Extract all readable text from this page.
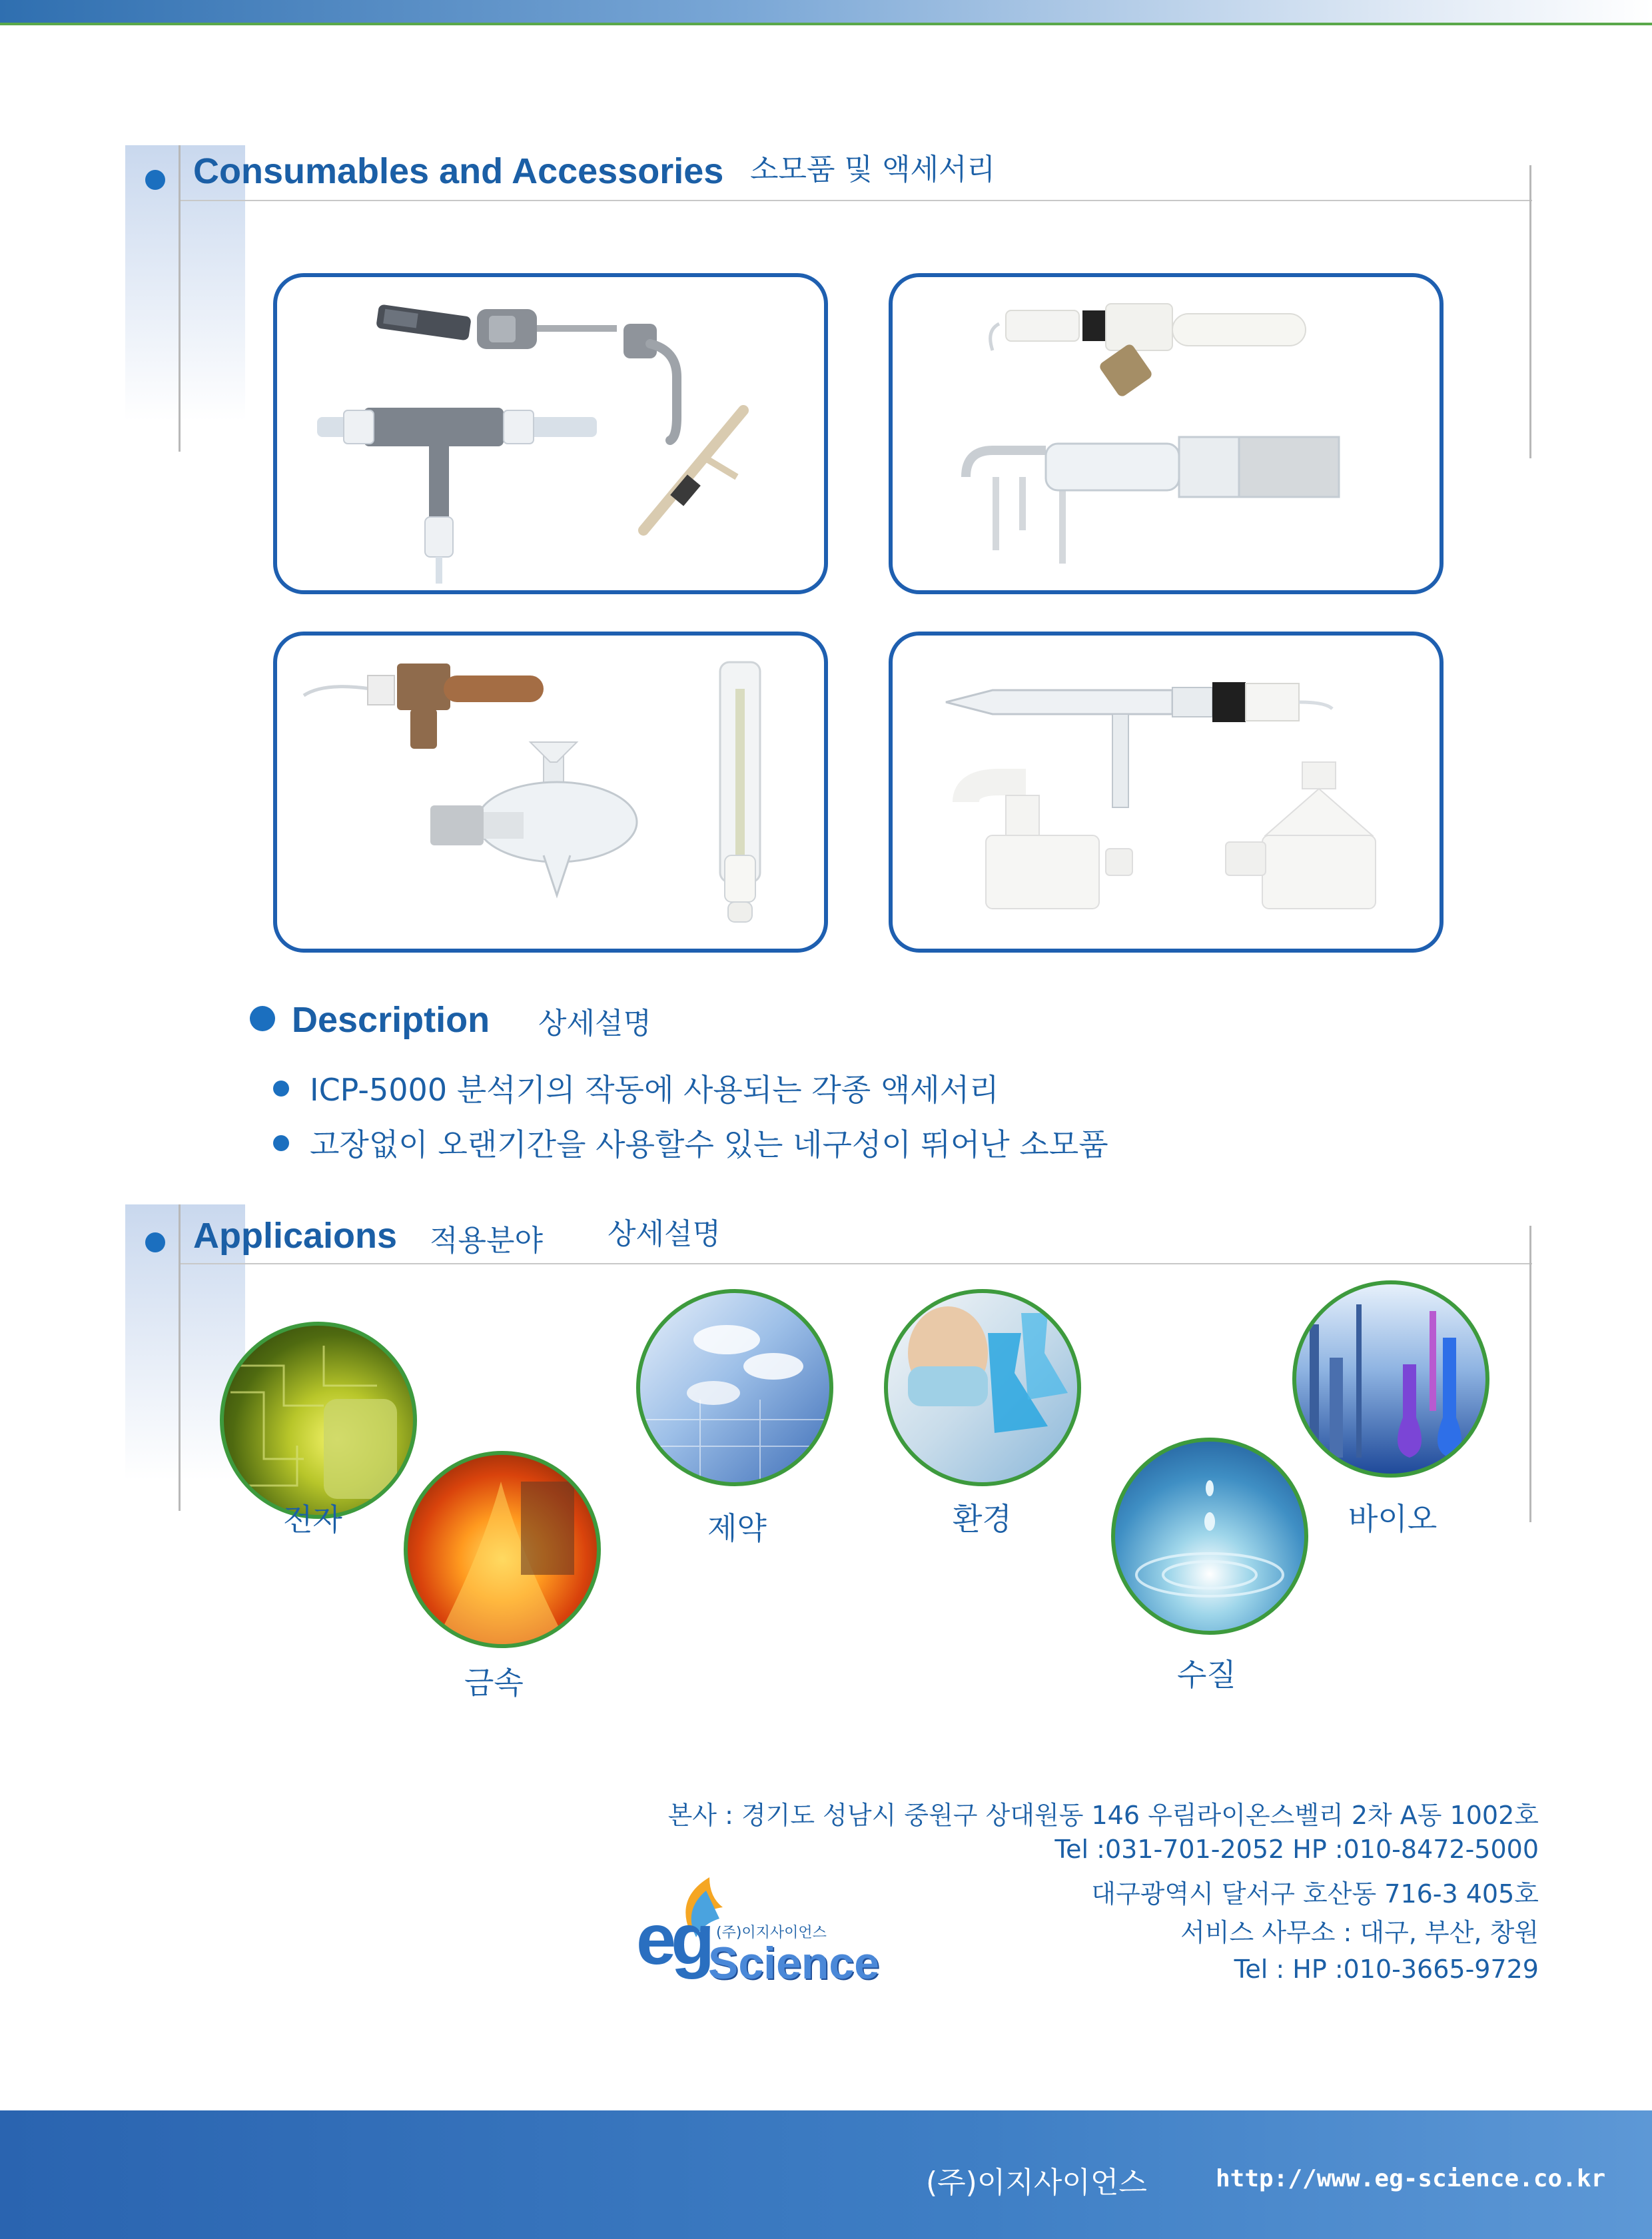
Consumables and Accessories 소모품 및 액세서리
Description 상세설명
ICP-5000 분석기의 작동에 사용되는 각종 액세서리
고장없이 오랜기간을 사용할수 있는 네구성이 뛰어난 소모품
Applicaions 적용분야 상세설명
전자
금속
제약	환경
수질
바이오
eg (주)이지사이언스
Science
본사 : 경기도 성남시 중원구 상대원동 146 우림라이온스벨리 2차 A동 1002호
Tel :031-701-2052 HP :010-8472-5000
대구광역시 달서구 호산동 716-3 405호
서비스 사무소 : 대구, 부산, 창원
Tel : HP :010-3665-9729
(주)이지사이언스	http://www.eg-science.co.kr
